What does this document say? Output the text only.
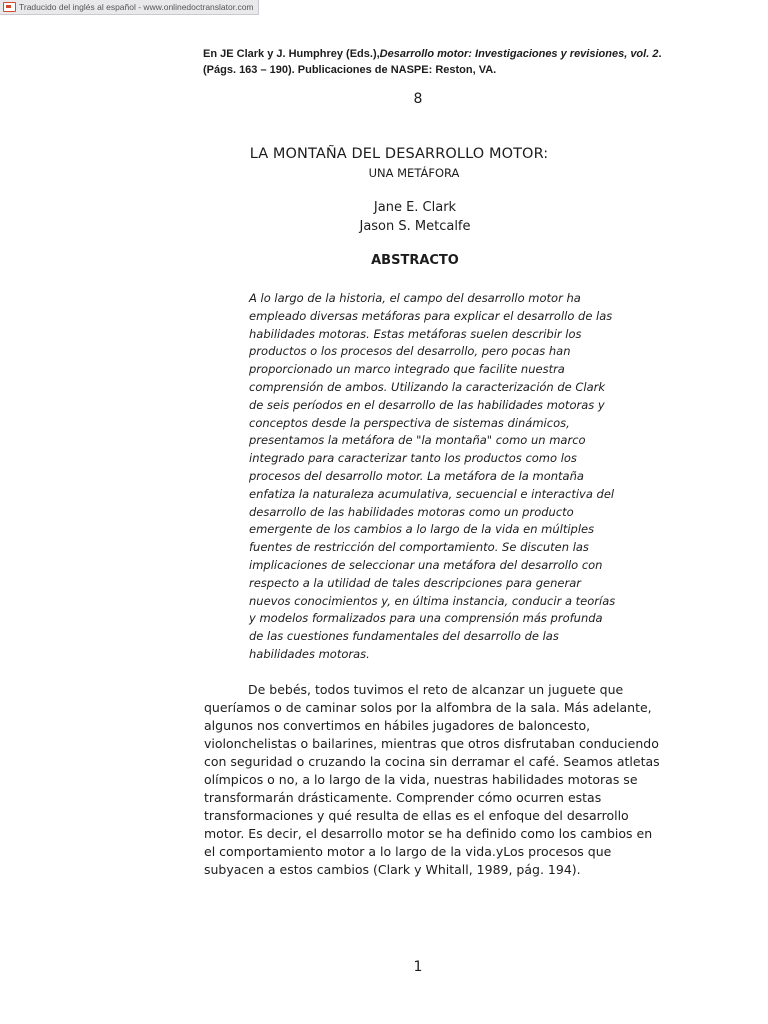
Traducido del inglés al español - www.onlinedoctranslator.com
En JE Clark y J. Humphrey (Eds.),Desarrollo motor: Investigaciones y revisiones, vol. 2.
(Págs. 163 – 190). Publicaciones de NASPE: Reston, VA.
8
LA MONTAÑA DEL DESARROLLO MOTOR:
UNA METÁFORA
Jane E. Clark
Jason S. Metcalfe
ABSTRACTO
A lo largo de la historia, el campo del desarrollo motor ha
empleado diversas metáforas para explicar el desarrollo de las
habilidades motoras. Estas metáforas suelen describir los
productos o los procesos del desarrollo, pero pocas han
proporcionado un marco integrado que facilite nuestra
comprensión de ambos. Utilizando la caracterización de Clark
de seis períodos en el desarrollo de las habilidades motoras y
conceptos desde la perspectiva de sistemas dinámicos,
presentamos la metáfora de "la montaña" como un marco
integrado para caracterizar tanto los productos como los
procesos del desarrollo motor. La metáfora de la montaña
enfatiza la naturaleza acumulativa, secuencial e interactiva del
desarrollo de las habilidades motoras como un producto
emergente de los cambios a lo largo de la vida en múltiples
fuentes de restricción del comportamiento. Se discuten las
implicaciones de seleccionar una metáfora del desarrollo con
respecto a la utilidad de tales descripciones para generar
nuevos conocimientos y, en última instancia, conducir a teorías
y modelos formalizados para una comprensión más profunda
de las cuestiones fundamentales del desarrollo de las
habilidades motoras.
De bebés, todos tuvimos el reto de alcanzar un juguete que
queríamos o de caminar solos por la alfombra de la sala. Más adelante,
algunos nos convertimos en hábiles jugadores de baloncesto,
violonchelistas o bailarines, mientras que otros disfrutaban conduciendo
con seguridad o cruzando la cocina sin derramar el café. Seamos atletas
olímpicos o no, a lo largo de la vida, nuestras habilidades motoras se
transformarán drásticamente. Comprender cómo ocurren estas
transformaciones y qué resulta de ellas es el enfoque del desarrollo
motor. Es decir, el desarrollo motor se ha definido como los cambios en
el comportamiento motor a lo largo de la vida.yLos procesos que
subyacen a estos cambios (Clark y Whitall, 1989, pág. 194).
1
